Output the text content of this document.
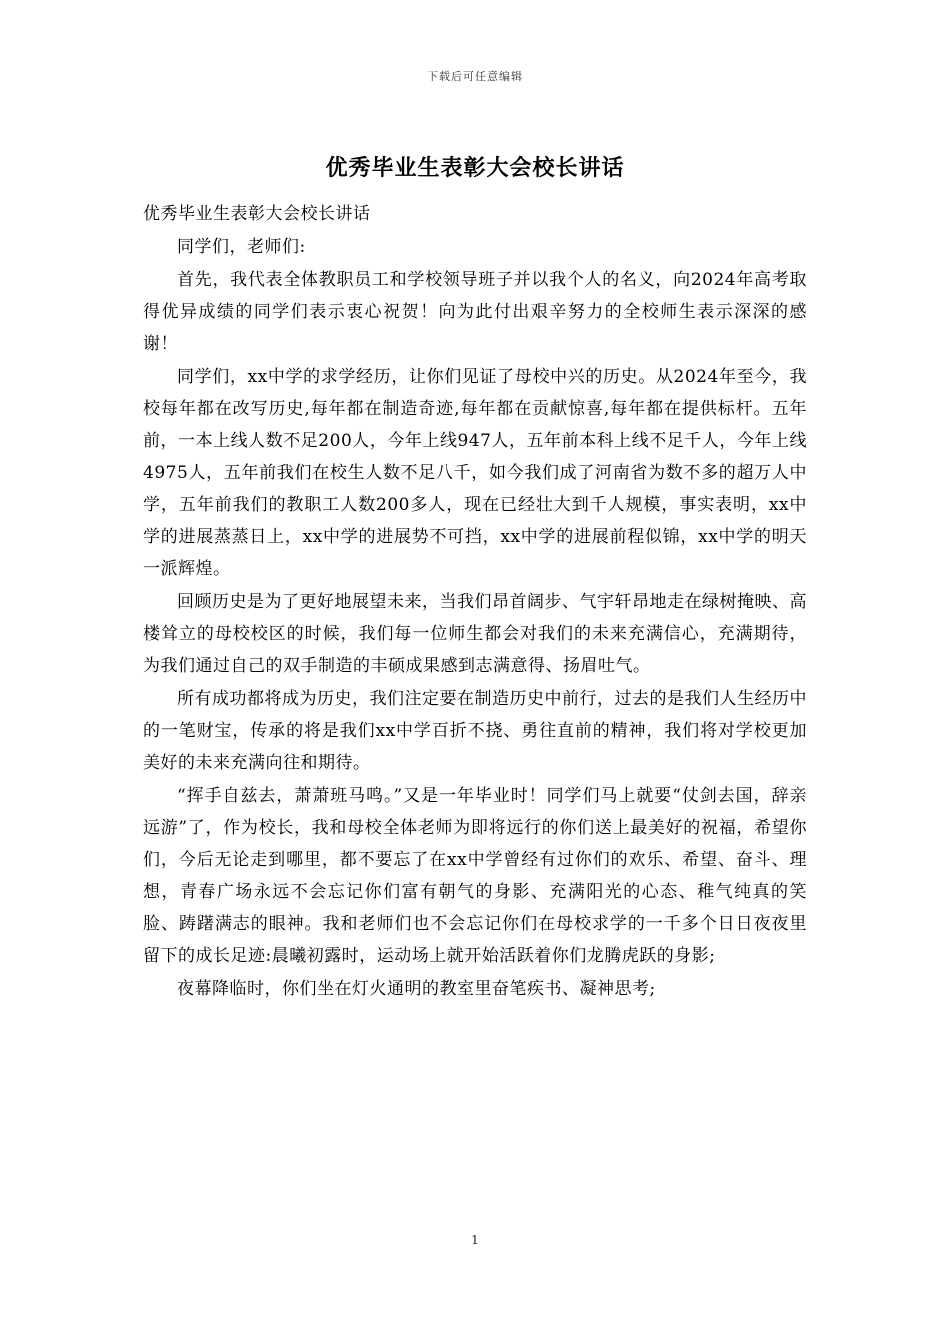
下载后可任意编辑
优秀毕业生表彰大会校长讲话

优秀毕业生表彰大会校长讲话

同学们，老师们:

首先，我代表全体教职员工和学校领导班子并以我个人的名义，向2024年高考取得优异成绩的同学们表示衷心祝贺！向为此付出艰辛努力的全校师生表示深深的感谢！

同学们，xx中学的求学经历，让你们见证了母校中兴的历史。从2024年至今，我校每年都在改写历史,每年都在制造奇迹,每年都在贡献惊喜,每年都在提供标杆。五年前，一本上线人数不足200人，今年上线947人，五年前本科上线不足千人，今年上线4975人，五年前我们在校生人数不足八千，如今我们成了河南省为数不多的超万人中学，五年前我们的教职工人数200多人，现在已经壮大到千人规模，事实表明，xx中学的进展蒸蒸日上，xx中学的进展势不可挡，xx中学的进展前程似锦，xx中学的明天一派辉煌。

回顾历史是为了更好地展望未来，当我们昂首阔步、气宇轩昂地走在绿树掩映、高楼耸立的母校校区的时候，我们每一位师生都会对我们的未来充满信心，充满期待，为我们通过自己的双手制造的丰硕成果感到志满意得、扬眉吐气。

所有成功都将成为历史，我们注定要在制造历史中前行，过去的是我们人生经历中的一笔财宝，传承的将是我们xx中学百折不挠、勇往直前的精神，我们将对学校更加美好的未来充满向往和期待。

“挥手自兹去，萧萧班马鸣。”又是一年毕业时！同学们马上就要“仗剑去国，辞亲远游”了，作为校长，我和母校全体老师为即将远行的你们送上最美好的祝福，希望你们，今后无论走到哪里，都不要忘了在xx中学曾经有过你们的欢乐、希望、奋斗、理想，青春广场永远不会忘记你们富有朝气的身影、充满阳光的心态、稚气纯真的笑脸、踌躇满志的眼神。我和老师们也不会忘记你们在母校求学的一千多个日日夜夜里留下的成长足迹:晨曦初露时，运动场上就开始活跃着你们龙腾虎跃的身影;

夜幕降临时，你们坐在灯火通明的教室里奋笔疾书、凝神思考;

1
